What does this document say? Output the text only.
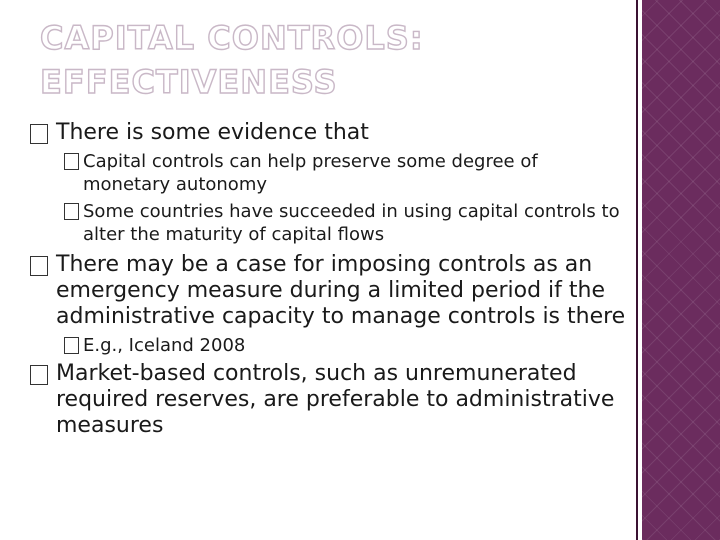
CAPITAL CONTROLS:
EFFECTIVENESS
There is some evidence that
Capital controls can help preserve some degree of monetary autonomy
Some countries have succeeded in using capital controls to alter the maturity of capital flows
There may be a case for imposing controls as an emergency measure during a limited period if the administrative capacity to manage controls is there
E.g., Iceland 2008
Market-based controls, such as unremunerated required reserves, are preferable to administrative measures
